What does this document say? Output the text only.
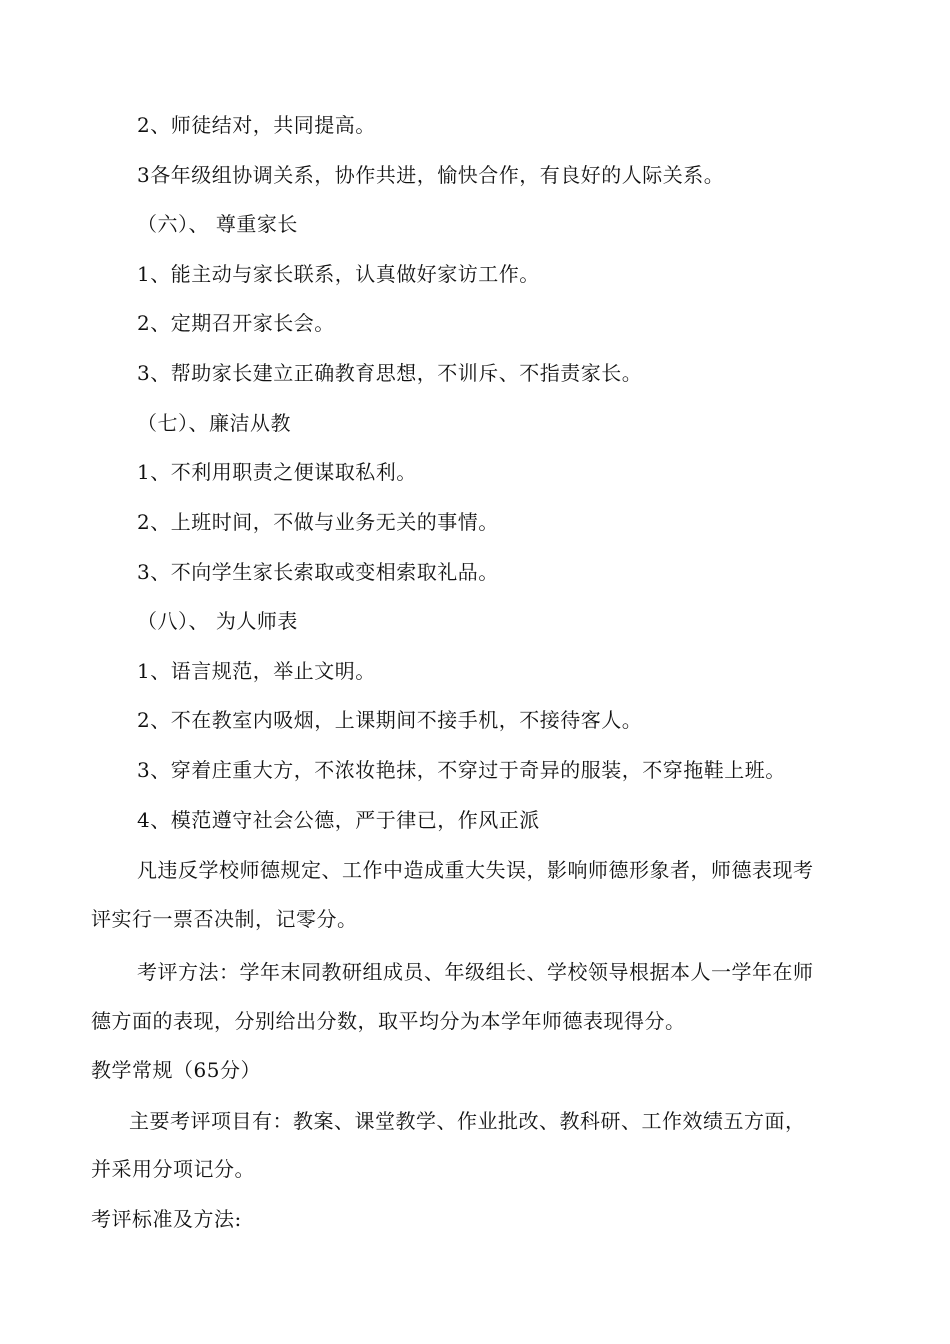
2、师徒结对，共同提高。
3各年级组协调关系，协作共进，愉快合作，有良好的人际关系。
（六）、 尊重家长
1、能主动与家长联系，认真做好家访工作。
2、定期召开家长会。
3、帮助家长建立正确教育思想，不训斥、不指责家长。
（七）、廉洁从教
1、不利用职责之便谋取私利。
2、上班时间，不做与业务无关的事情。
3、不向学生家长索取或变相索取礼品。
（八）、 为人师表
1、语言规范，举止文明。
2、不在教室内吸烟，上课期间不接手机，不接待客人。
3、穿着庄重大方，不浓妆艳抹，不穿过于奇异的服装，不穿拖鞋上班。
4、模范遵守社会公德，严于律已，作风正派
凡违反学校师德规定、工作中造成重大失误，影响师德形象者，师德表现考
评实行一票否决制，记零分。
考评方法：学年末同教研组成员、年级组长、学校领导根据本人一学年在师
德方面的表现，分别给出分数，取平均分为本学年师德表现得分。
教学常规（65分）
主要考评项目有：教案、课堂教学、作业批改、教科研、工作效绩五方面，
并采用分项记分。
考评标准及方法:
